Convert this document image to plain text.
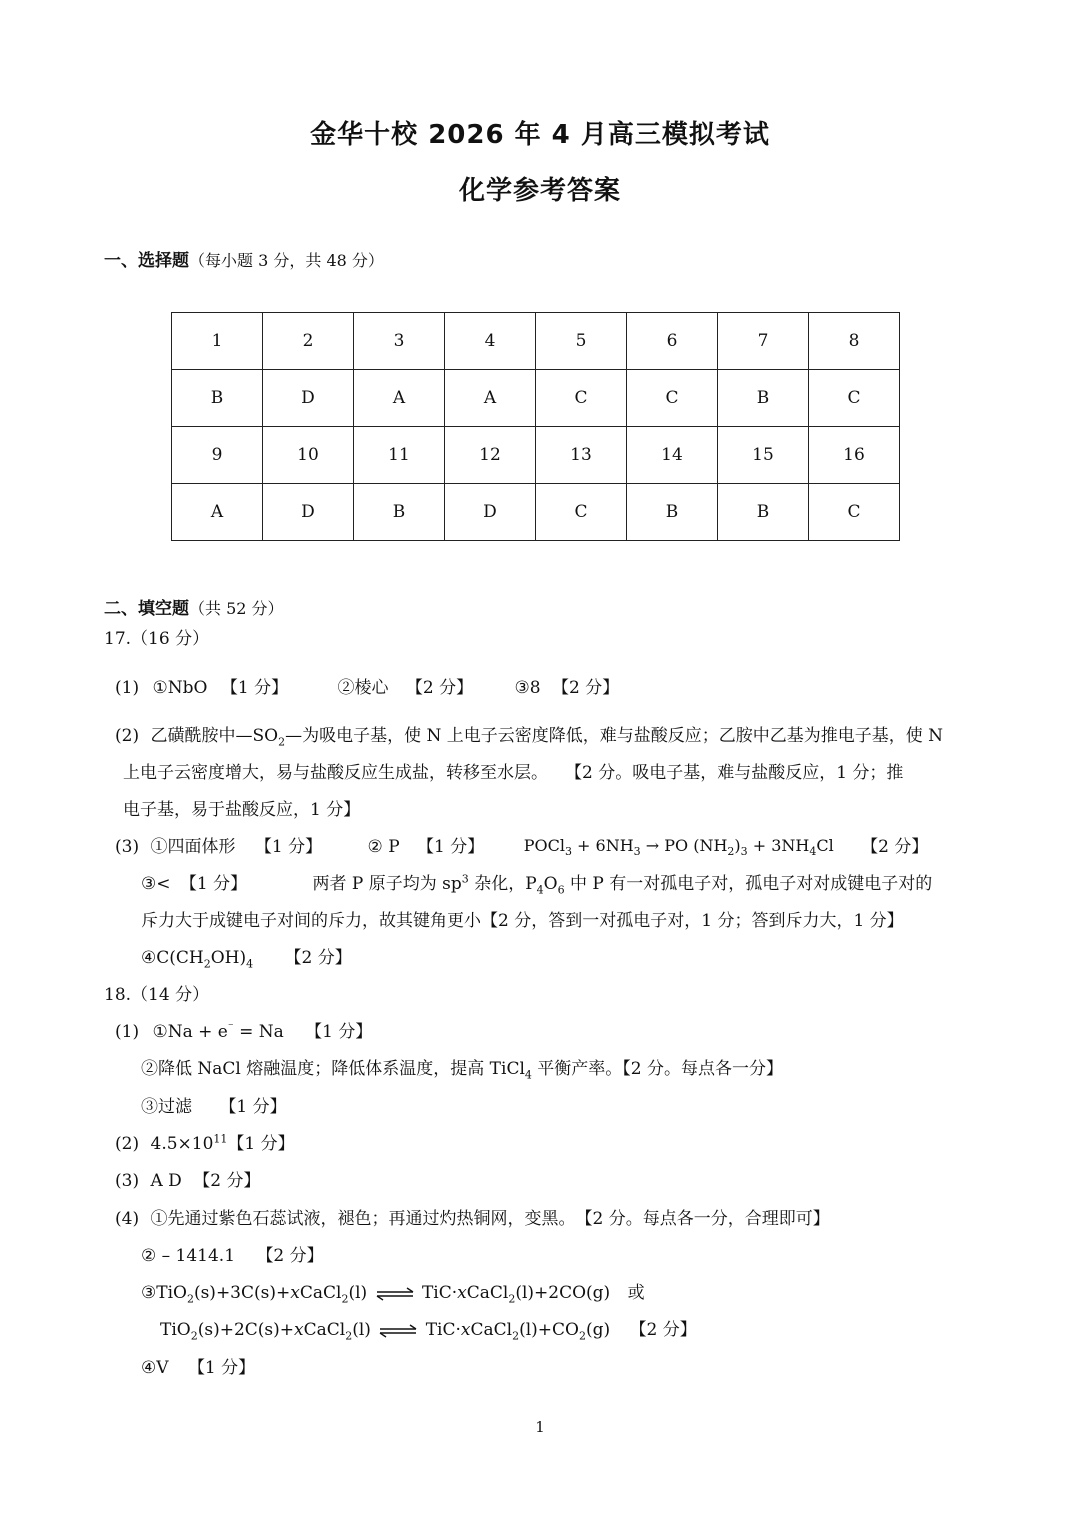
金华十校 2026 年 4 月高三模拟考试
化学参考答案
一、选择题（每小题 3 分，共 48 分）
1	2	3	4	5	6	7	8
B	D	A	A	C	C	B	C
9	10	11	12	13	14	15	16
A	D	B	D	C	B	B	C
二、填空题（共 52 分）
17.（16 分）
(1) ①NbO 【1 分】	②棱心 【2 分】 ③8 【2 分】
(2) 乙磺酰胺中$—SO_2—$为吸电子基，使 N 上电子云密度降低，难与盐酸反应；乙胺中乙基为推电子基，使 N
上电子云密度增大，易与盐酸反应生成盐，转移至水层。　　【2 分。吸电子基，难与盐酸反应，1 分；推
电子基，易于盐酸反应，1 分】
(3) ①四面体形 【1 分】	② P 【1 分】 POCl$_3$ + $6NH_3$ → PO $(NH_2)_3 + 3NH_4Cl$ 【2 分】
③< 【1 分】	两者 P 原子均为 $sp^3$ 杂化，$P_4O_6$ 中 P 有一对孤电子对，孤电子对对成键电子对的
斥力大于成键电子对间的斥力，故其键角更小【2 分，答到一对孤电子对，1 分；答到斥力大，1 分】
$④C(CH_2OH)_4$ 【2 分】
18.（14 分）
(1) ①Na + e⁻ = Na 【1 分】
②降低 NaCl 熔融温度；降低体系温度，提高 TiCl$_4$ 平衡产率。【2 分。每点各一分】
③过滤 【1 分】
(2) $4.5\times 10^{11}$【1 分】
(3) A D 【2 分】
(4) ①先通过紫色石蕊试液，褪色；再通过灼热铜网，变黑。　【2 分。每点各一分，合理即可】
② – 1414.1 【2 分】
③TiO$_2$(s)+3C(s)+xCaCl$_2$(l) ⇌ TiC·xCaCl$_2$(l)+2CO(g) 或
TiO$_2$(s)+2C(s)+xCaCl$_2$(l) ⇌ $TiC\cdot xCaCl_2(l)+CO_2(g)$ 【2 分】
④V 【1 分】
1
